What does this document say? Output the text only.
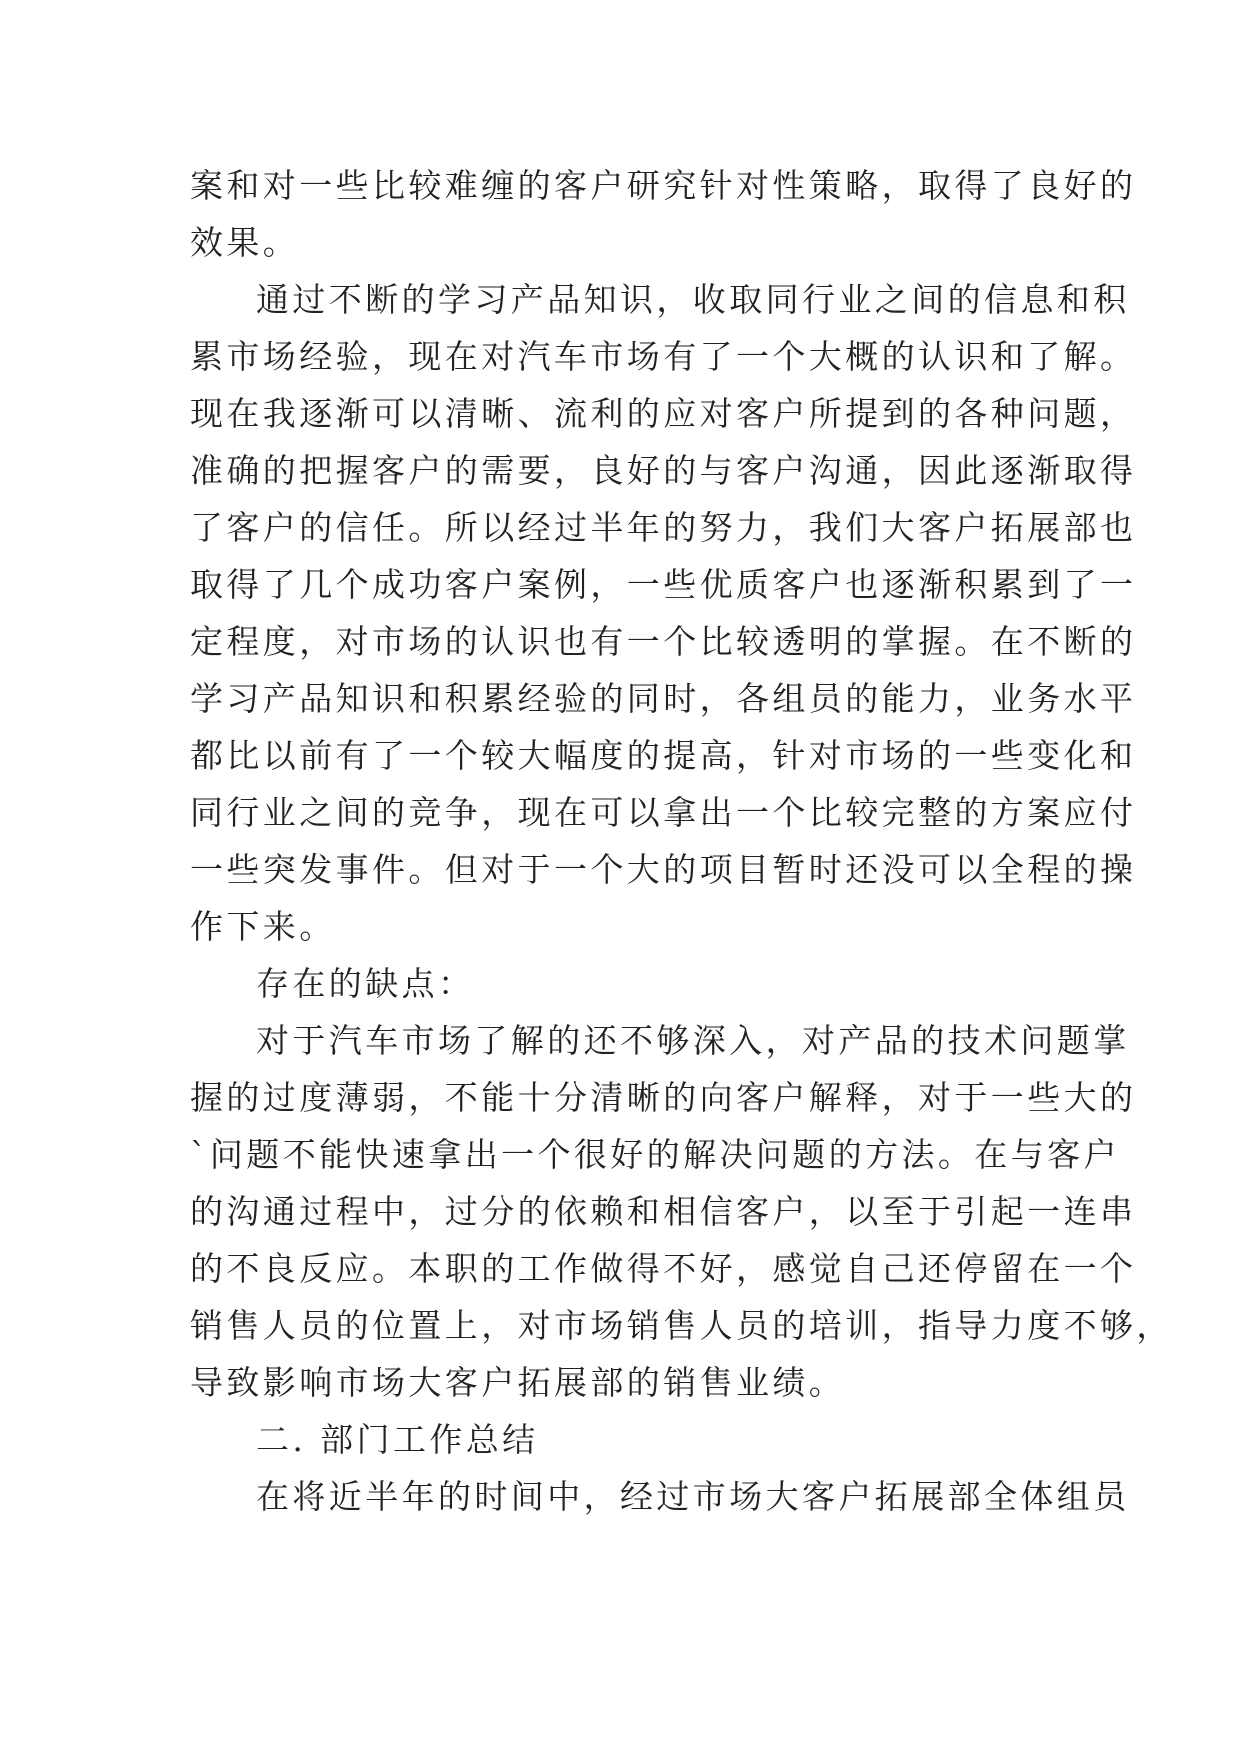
案和对一些比较难缠的客户研究针对性策略，取得了良好的
效果。
通过不断的学习产品知识，收取同行业之间的信息和积
累市场经验，现在对汽车市场有了一个大概的认识和了解。
现在我逐渐可以清晰、流利的应对客户所提到的各种问题，
准确的把握客户的需要，良好的与客户沟通，因此逐渐取得
了客户的信任。所以经过半年的努力，我们大客户拓展部也
取得了几个成功客户案例，一些优质客户也逐渐积累到了一
定程度，对市场的认识也有一个比较透明的掌握。在不断的
学习产品知识和积累经验的同时，各组员的能力，业务水平
都比以前有了一个较大幅度的提高，针对市场的一些变化和
同行业之间的竞争，现在可以拿出一个比较完整的方案应付
一些突发事件。但对于一个大的项目暂时还没可以全程的操
作下来。
存在的缺点：
对于汽车市场了解的还不够深入，对产品的技术问题掌
握的过度薄弱，不能十分清晰的向客户解释，对于一些大的
`问题不能快速拿出一个很好的解决问题的方法。在与客户
的沟通过程中，过分的依赖和相信客户，以至于引起一连串
的不良反应。本职的工作做得不好，感觉自己还停留在一个
销售人员的位置上，对市场销售人员的培训，指导力度不够，
导致影响市场大客户拓展部的销售业绩。
二. 部门工作总结
在将近半年的时间中，经过市场大客户拓展部全体组员
